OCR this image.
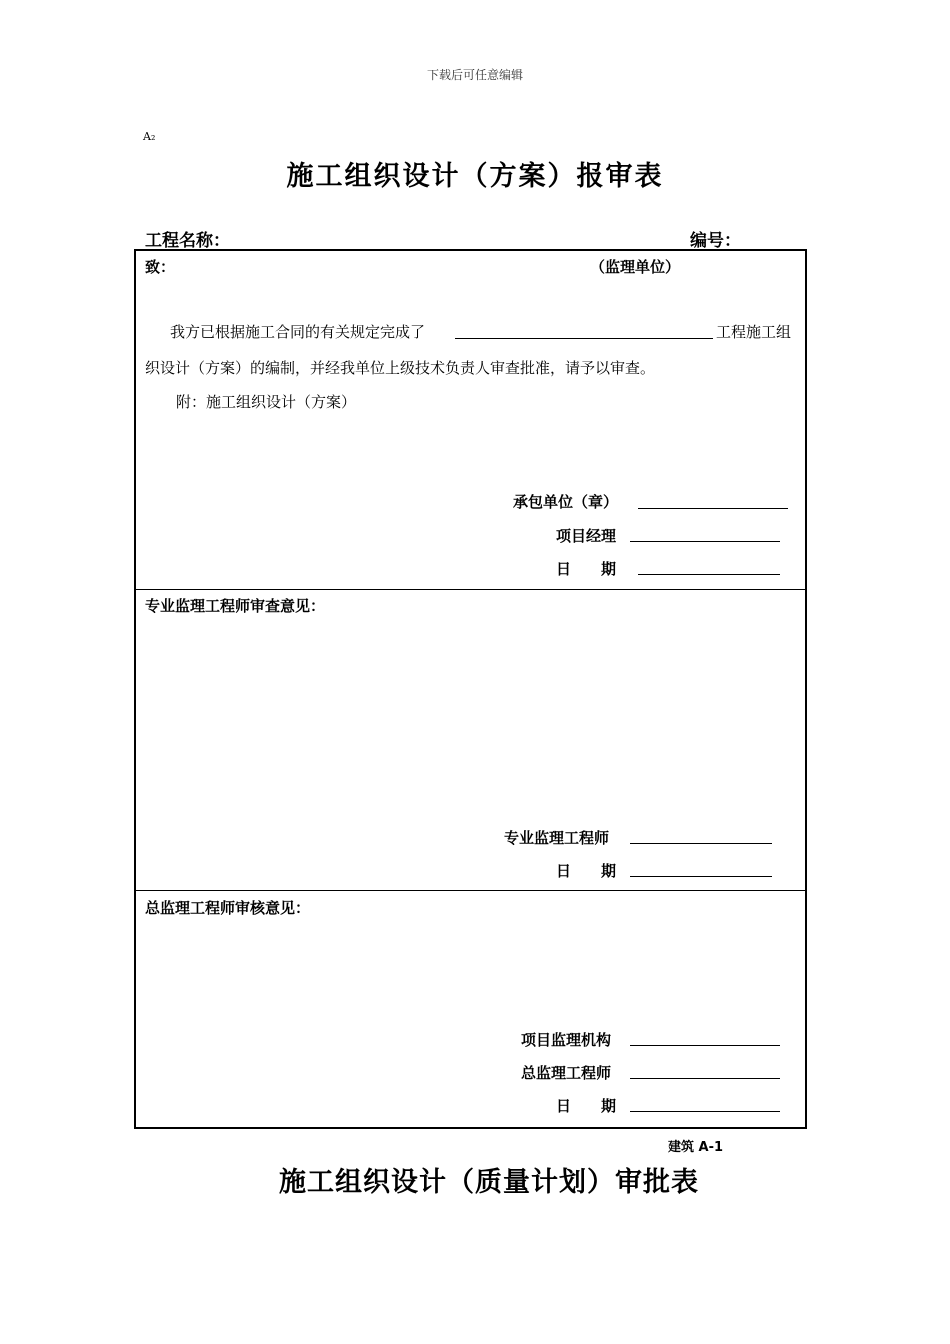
下载后可任意编辑
A₂
施工组织设计（方案）报审表
工程名称：	编号：
致：	（监理单位）
我方已根据施工合同的有关规定完成了	工程施工组
织设计（方案）的编制，并经我单位上级技术负责人审查批准，请予以审查。
附：施工组织设计（方案）
承包单位（章）
项目经理
日　　期
专业监理工程师审查意见：
专业监理工程师
日　　期
总监理工程师审核意见：
项目监理机构
总监理工程师
日　　期
建筑 A-1
施工组织设计（质量计划）审批表
